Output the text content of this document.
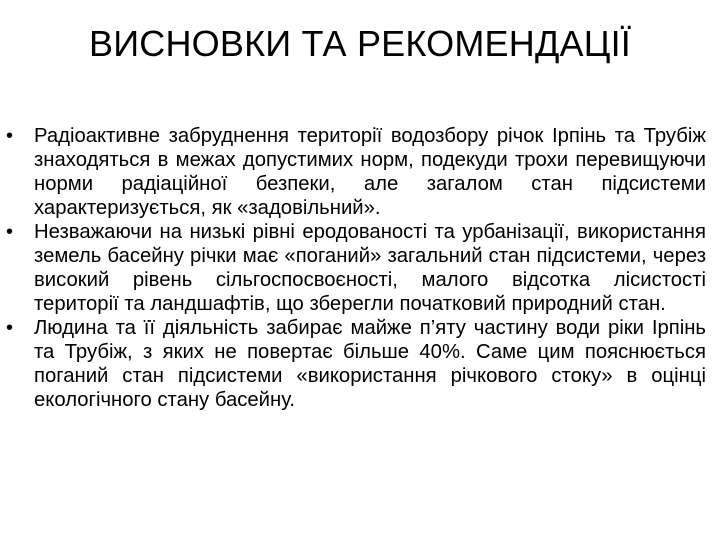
ВИСНОВКИ ТА РЕКОМЕНДАЦІЇ
• Радіоактивне забруднення території водозбору річок Ірпінь та Трубіж знаходяться в межах допустимих норм, подекуди трохи перевищуючи норми радіаційної безпеки, але загалом стан підсистеми характеризується, як «задовільний».
• Незважаючи на низькі рівні еродованості та урбанізації, використання земель басейну річки має «поганий» загальний стан підсистеми, через високий рівень сільгоспосвоєності, малого відсотка лісистості території та ландшафтів, що зберегли початковий природний стан.
• Людина та її діяльність забирає майже п’яту частину води ріки Ірпінь та Трубіж, з яких не повертає більше 40%. Саме цим пояснюється поганий стан підсистеми «використання річкового стоку» в оцінці екологічного стану басейну.
